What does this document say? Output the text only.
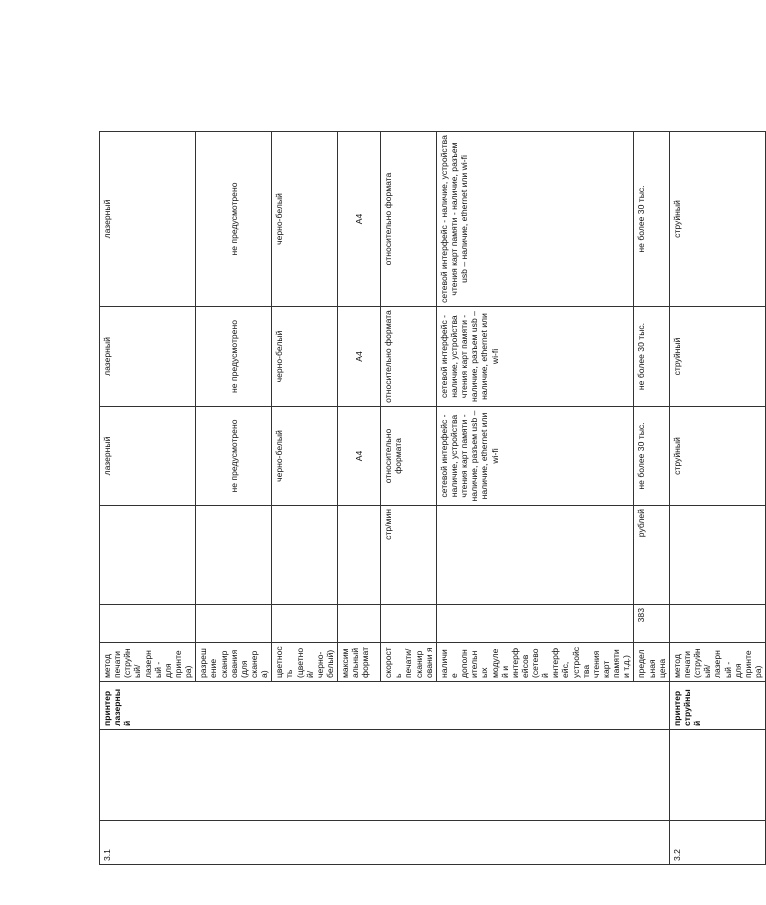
3.1		принтер лазерный	метод печати (струйный/лазерный - для принтера)			лазерный	лазерный	лазерный
			разрешение сканирования (для сканера)			не предусмотрено	не предусмотрено	не предусмотрено
			цветность (цветной/черно-белый)			черно-белый	черно-белый	черно-белый
			максимальный формат			А4	А4	А4
			скорость печати/сканировани я		стр/мин	относительно формата	относительно формата	относительно формата
			наличие дополнительных модулей и интерфейсов (сетевой интерфейс, устройства чтения карт памяти и т.д.)			сетевой интерфейс - наличие, устройства чтения карт памяти - наличие, разъем usb – наличие, ethernet или wi-fi	сетевой интерфейс - наличие, устройства чтения карт памяти - наличие, разъем usb – наличие, ethernet или wi-fi	сетевой интерфейс - наличие, устройства чтения карт памяти - наличие, разъем usb – наличие, ethernet или wi-fi
			предельная цена	383	рублей	не более 30 тыс.	не более 30 тыс.	не более 30 тыс.
3.2		принтер струйный	метод печати (струйный/лазерный - для принтера)			струйный	струйный	струйный
